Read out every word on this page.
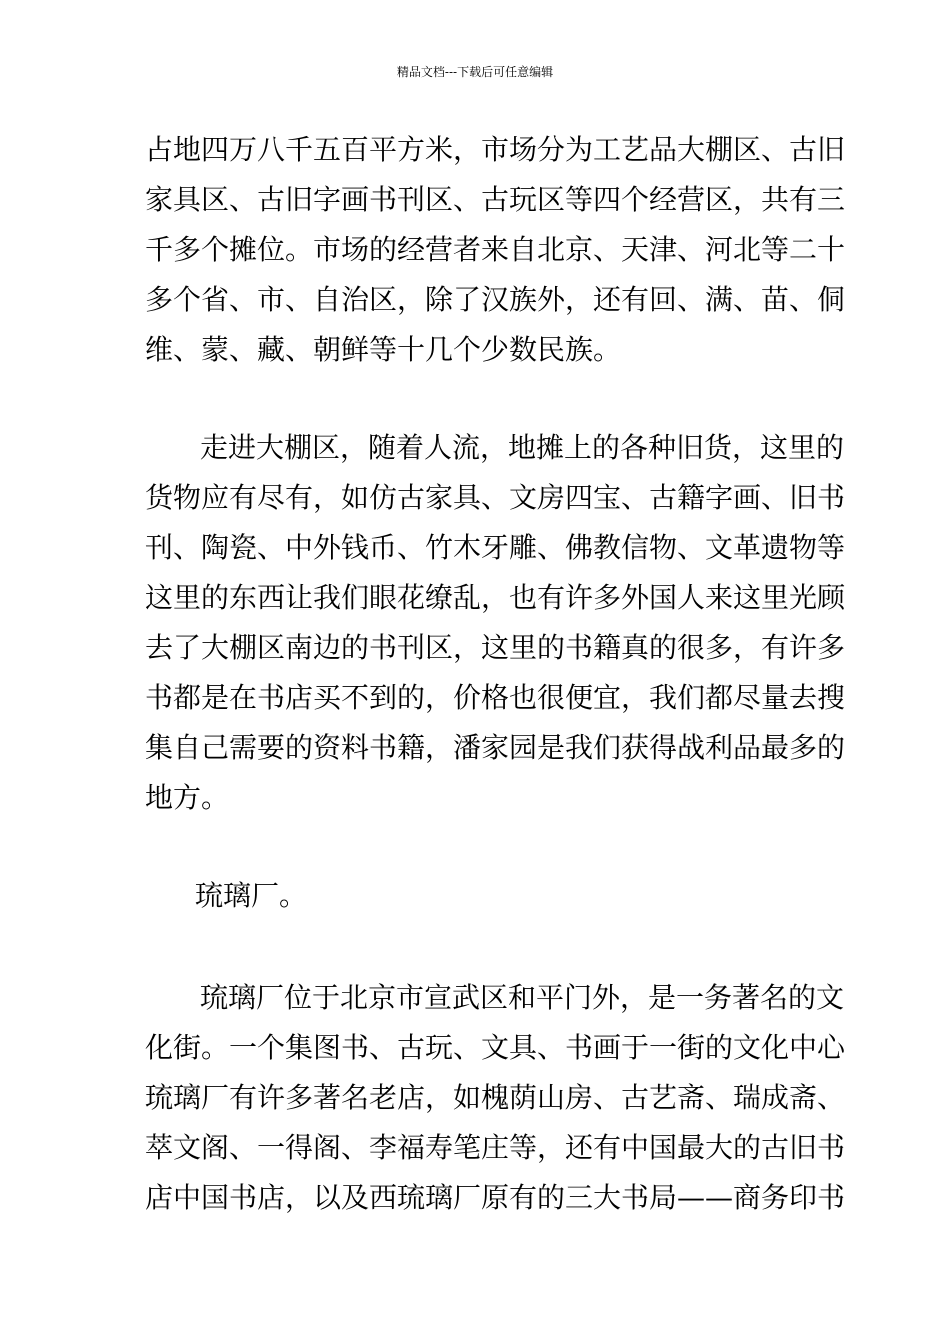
精品文档---下载后可任意编辑
占地四万八千五百平方米，市场分为工艺品大棚区、古旧
家具区、古旧字画书刊区、古玩区等四个经营区，共有三
千多个摊位。市场的经营者来自北京、天津、河北等二十
多个省、市、自治区，除了汉族外，还有回、满、苗、侗
维、蒙、藏、朝鲜等十几个少数民族。
走进大棚区，随着人流，地摊上的各种旧货，这里的
货物应有尽有，如仿古家具、文房四宝、古籍字画、旧书
刊、陶瓷、中外钱币、竹木牙雕、佛教信物、文革遗物等
这里的东西让我们眼花缭乱，也有许多外国人来这里光顾
去了大棚区南边的书刊区，这里的书籍真的很多，有许多
书都是在书店买不到的，价格也很便宜，我们都尽量去搜
集自己需要的资料书籍，潘家园是我们获得战利品最多的
地方。
琉璃厂。
琉璃厂位于北京市宣武区和平门外，是一务著名的文
化街。一个集图书、古玩、文具、书画于一街的文化中心
琉璃厂有许多著名老店，如槐荫山房、古艺斋、瑞成斋、
萃文阁、一得阁、李福寿笔庄等，还有中国最大的古旧书
店中国书店，以及西琉璃厂原有的三大书局——商务印书
